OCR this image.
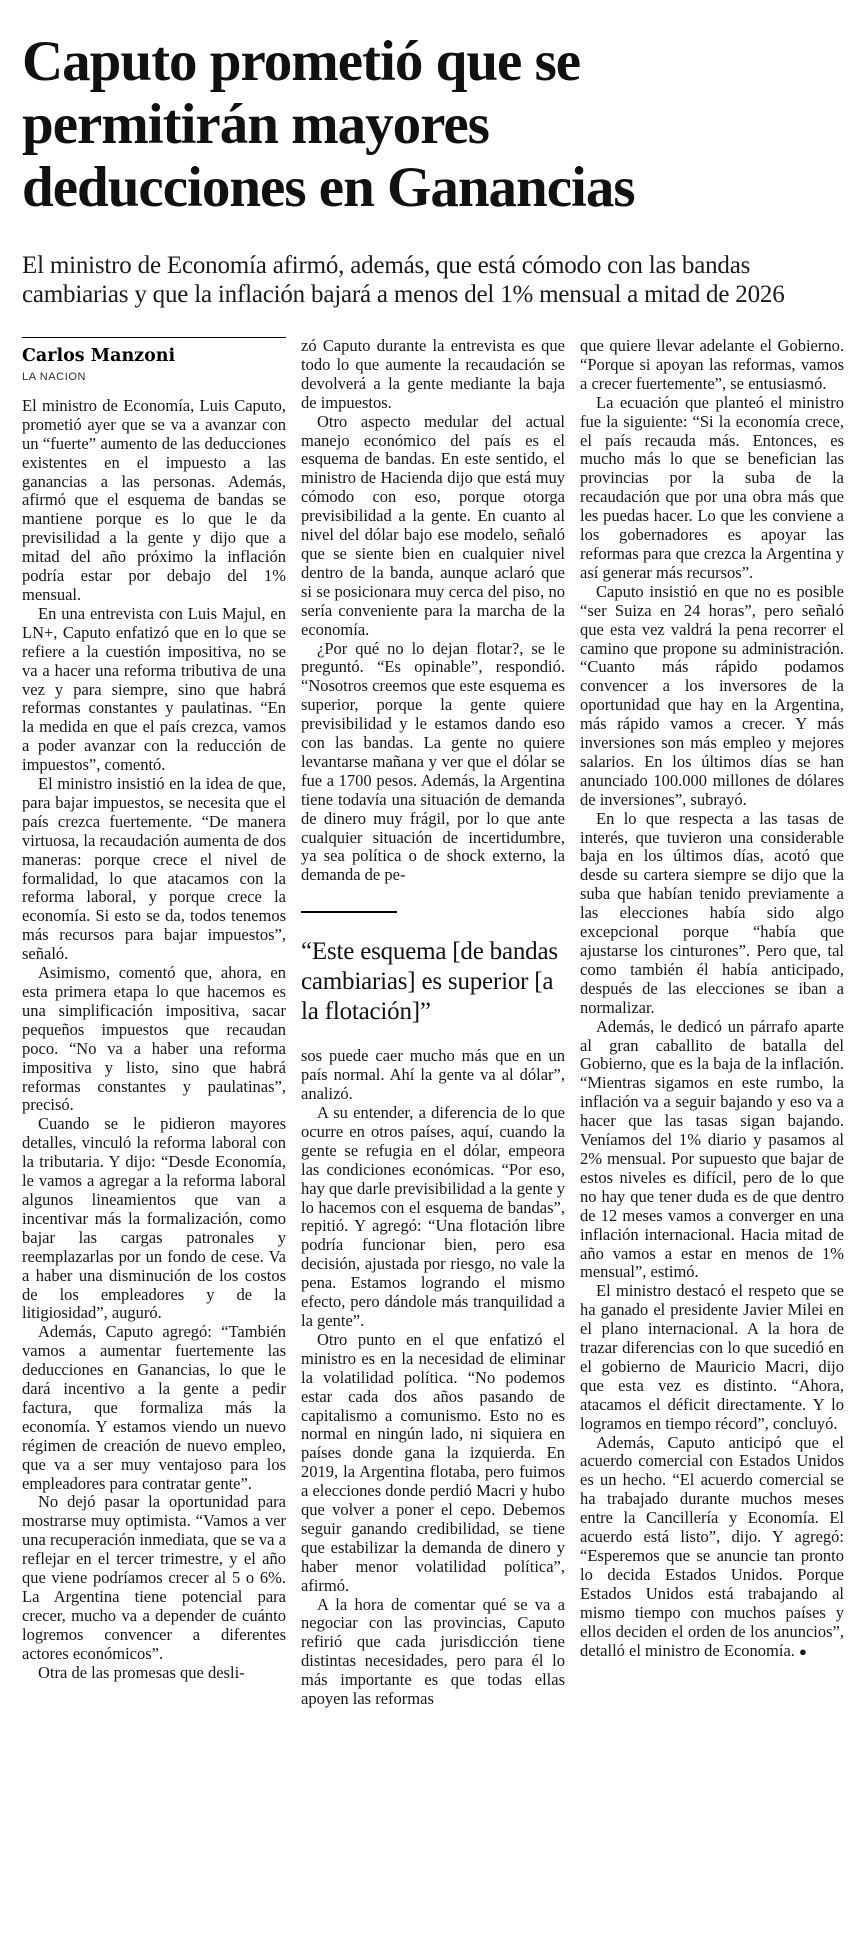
Caputo prometió que se permitirán mayores deducciones en Ganancias
El ministro de Economía afirmó, además, que está cómodo con las bandas cambiarias y que la inflación bajará a menos del 1% mensual a mitad de 2026
Carlos Manzoni
LA NACION

El ministro de Economía, Luis Caputo, prometió ayer que se va a avanzar con un “fuerte” aumento de las deducciones existentes en el impuesto a las ganancias a las personas. Además, afirmó que el esquema de bandas se mantiene porque es lo que le da previsilidad a la gente y dijo que a mitad del año próximo la inflación podría estar por debajo del 1% mensual.

En una entrevista con Luis Majul, en LN+, Caputo enfatizó que en lo que se refiere a la cuestión impositiva, no se va a hacer una reforma tributiva de una vez y para siempre, sino que habrá reformas constantes y paulatinas. “En la medida en que el país crezca, vamos a poder avanzar con la reducción de impuestos”, comentó.

El ministro insistió en la idea de que, para bajar impuestos, se necesita que el país crezca fuertemente. “De manera virtuosa, la recaudación aumenta de dos maneras: porque crece el nivel de formalidad, lo que atacamos con la reforma laboral, y porque crece la economía. Si esto se da, todos tenemos más recursos para bajar impuestos”, señaló.

Asimismo, comentó que, ahora, en esta primera etapa lo que hacemos es una simplificación impositiva, sacar pequeños impuestos que recaudan poco. “No va a haber una reforma impositiva y listo, sino que habrá reformas constantes y paulatinas”, precisó.

Cuando se le pidieron mayores detalles, vinculó la reforma laboral con la tributaria. Y dijo: “Desde Economía, le vamos a agregar a la reforma laboral algunos lineamientos que van a incentivar más la formalización, como bajar las cargas patronales y reemplazarlas por un fondo de cese. Va a haber una disminución de los costos de los empleadores y de la litigiosidad”, auguró.

Además, Caputo agregó: “También vamos a aumentar fuertemente las deducciones en Ganancias, lo que le dará incentivo a la gente a pedir factura, que formaliza más la economía. Y estamos viendo un nuevo régimen de creación de nuevo empleo, que va a ser muy ventajoso para los empleadores para contratar gente”.

No dejó pasar la oportunidad para mostrarse muy optimista. “Vamos a ver una recuperación inmediata, que se va a reflejar en el tercer trimestre, y el año que viene podríamos crecer al 5 o 6%. La Argentina tiene potencial para crecer, mucho va a depender de cuánto logremos convencer a diferentes actores económicos”.

Otra de las promesas que desli-

zó Caputo durante la entrevista es que todo lo que aumente la recaudación se devolverá a la gente mediante la baja de impuestos.

Otro aspecto medular del actual manejo económico del país es el esquema de bandas. En este sentido, el ministro de Hacienda dijo que está muy cómodo con eso, porque otorga previsibilidad a la gente. En cuanto al nivel del dólar bajo ese modelo, señaló que se siente bien en cualquier nivel dentro de la banda, aunque aclaró que si se posicionara muy cerca del piso, no sería conveniente para la marcha de la economía.

¿Por qué no lo dejan flotar?, se le preguntó. “Es opinable”, respondió. “Nosotros creemos que este esquema es superior, porque la gente quiere previsibilidad y le estamos dando eso con las bandas. La gente no quiere levantarse mañana y ver que el dólar se fue a 1700 pesos. Además, la Argentina tiene todavía una situación de demanda de dinero muy frágil, por lo que ante cualquier situación de incertidumbre, ya sea política o de shock externo, la demanda de pe-

“Este esquema [de bandas cambiarias] es superior [a la flotación]”

sos puede caer mucho más que en un país normal. Ahí la gente va al dólar”, analizó.

A su entender, a diferencia de lo que ocurre en otros países, aquí, cuando la gente se refugia en el dólar, empeora las condiciones económicas. “Por eso, hay que darle previsibilidad a la gente y lo hacemos con el esquema de bandas”, repitió. Y agregó: “Una flotación libre podría funcionar bien, pero esa decisión, ajustada por riesgo, no vale la pena. Estamos logrando el mismo efecto, pero dándole más tranquilidad a la gente”.

Otro punto en el que enfatizó el ministro es en la necesidad de eliminar la volatilidad política. “No podemos estar cada dos años pasando de capitalismo a comunismo. Esto no es normal en ningún lado, ni siquiera en países donde gana la izquierda. En 2019, la Argentina flotaba, pero fuimos a elecciones donde perdió Macri y hubo que volver a poner el cepo. Debemos seguir ganando credibilidad, se tiene que estabilizar la demanda de dinero y haber menor volatilidad política”, afirmó.

A la hora de comentar qué se va a negociar con las provincias, Caputo refirió que cada jurisdicción tiene distintas necesidades, pero para él lo más importante es que todas ellas apoyen las reformas

que quiere llevar adelante el Gobierno. “Porque si apoyan las reformas, vamos a crecer fuertemente”, se entusiasmó.

La ecuación que planteó el ministro fue la siguiente: “Si la economía crece, el país recauda más. Entonces, es mucho más lo que se benefician las provincias por la suba de la recaudación que por una obra más que les puedas hacer. Lo que les conviene a los gobernadores es apoyar las reformas para que crezca la Argentina y así generar más recursos”.

Caputo insistió en que no es posible “ser Suiza en 24 horas”, pero señaló que esta vez valdrá la pena recorrer el camino que propone su administración. “Cuanto más rápido podamos convencer a los inversores de la oportunidad que hay en la Argentina, más rápido vamos a crecer. Y más inversiones son más empleo y mejores salarios. En los últimos días se han anunciado 100.000 millones de dólares de inversiones”, subrayó.

En lo que respecta a las tasas de interés, que tuvieron una considerable baja en los últimos días, acotó que desde su cartera siempre se dijo que la suba que habían tenido previamente a las elecciones había sido algo excepcional porque “había que ajustarse los cinturones”. Pero que, tal como también él había anticipado, después de las elecciones se iban a normalizar.

Además, le dedicó un párrafo aparte al gran caballito de batalla del Gobierno, que es la baja de la inflación. “Mientras sigamos en este rumbo, la inflación va a seguir bajando y eso va a hacer que las tasas sigan bajando. Veníamos del 1% diario y pasamos al 2% mensual. Por supuesto que bajar de estos niveles es difícil, pero de lo que no hay que tener duda es de que dentro de 12 meses vamos a converger en una inflación internacional. Hacia mitad de año vamos a estar en menos de 1% mensual”, estimó.

El ministro destacó el respeto que se ha ganado el presidente Javier Milei en el plano internacional. A la hora de trazar diferencias con lo que sucedió en el gobierno de Mauricio Macri, dijo que esta vez es distinto. “Ahora, atacamos el déficit directamente. Y lo logramos en tiempo récord”, concluyó.

Además, Caputo anticipó que el acuerdo comercial con Estados Unidos es un hecho. “El acuerdo comercial se ha trabajado durante muchos meses entre la Cancillería y Economía. El acuerdo está listo”, dijo. Y agregó: “Esperemos que se anuncie tan pronto lo decida Estados Unidos. Porque Estados Unidos está trabajando al mismo tiempo con muchos países y ellos deciden el orden de los anuncios”, detalló el ministro de Economía. ●
